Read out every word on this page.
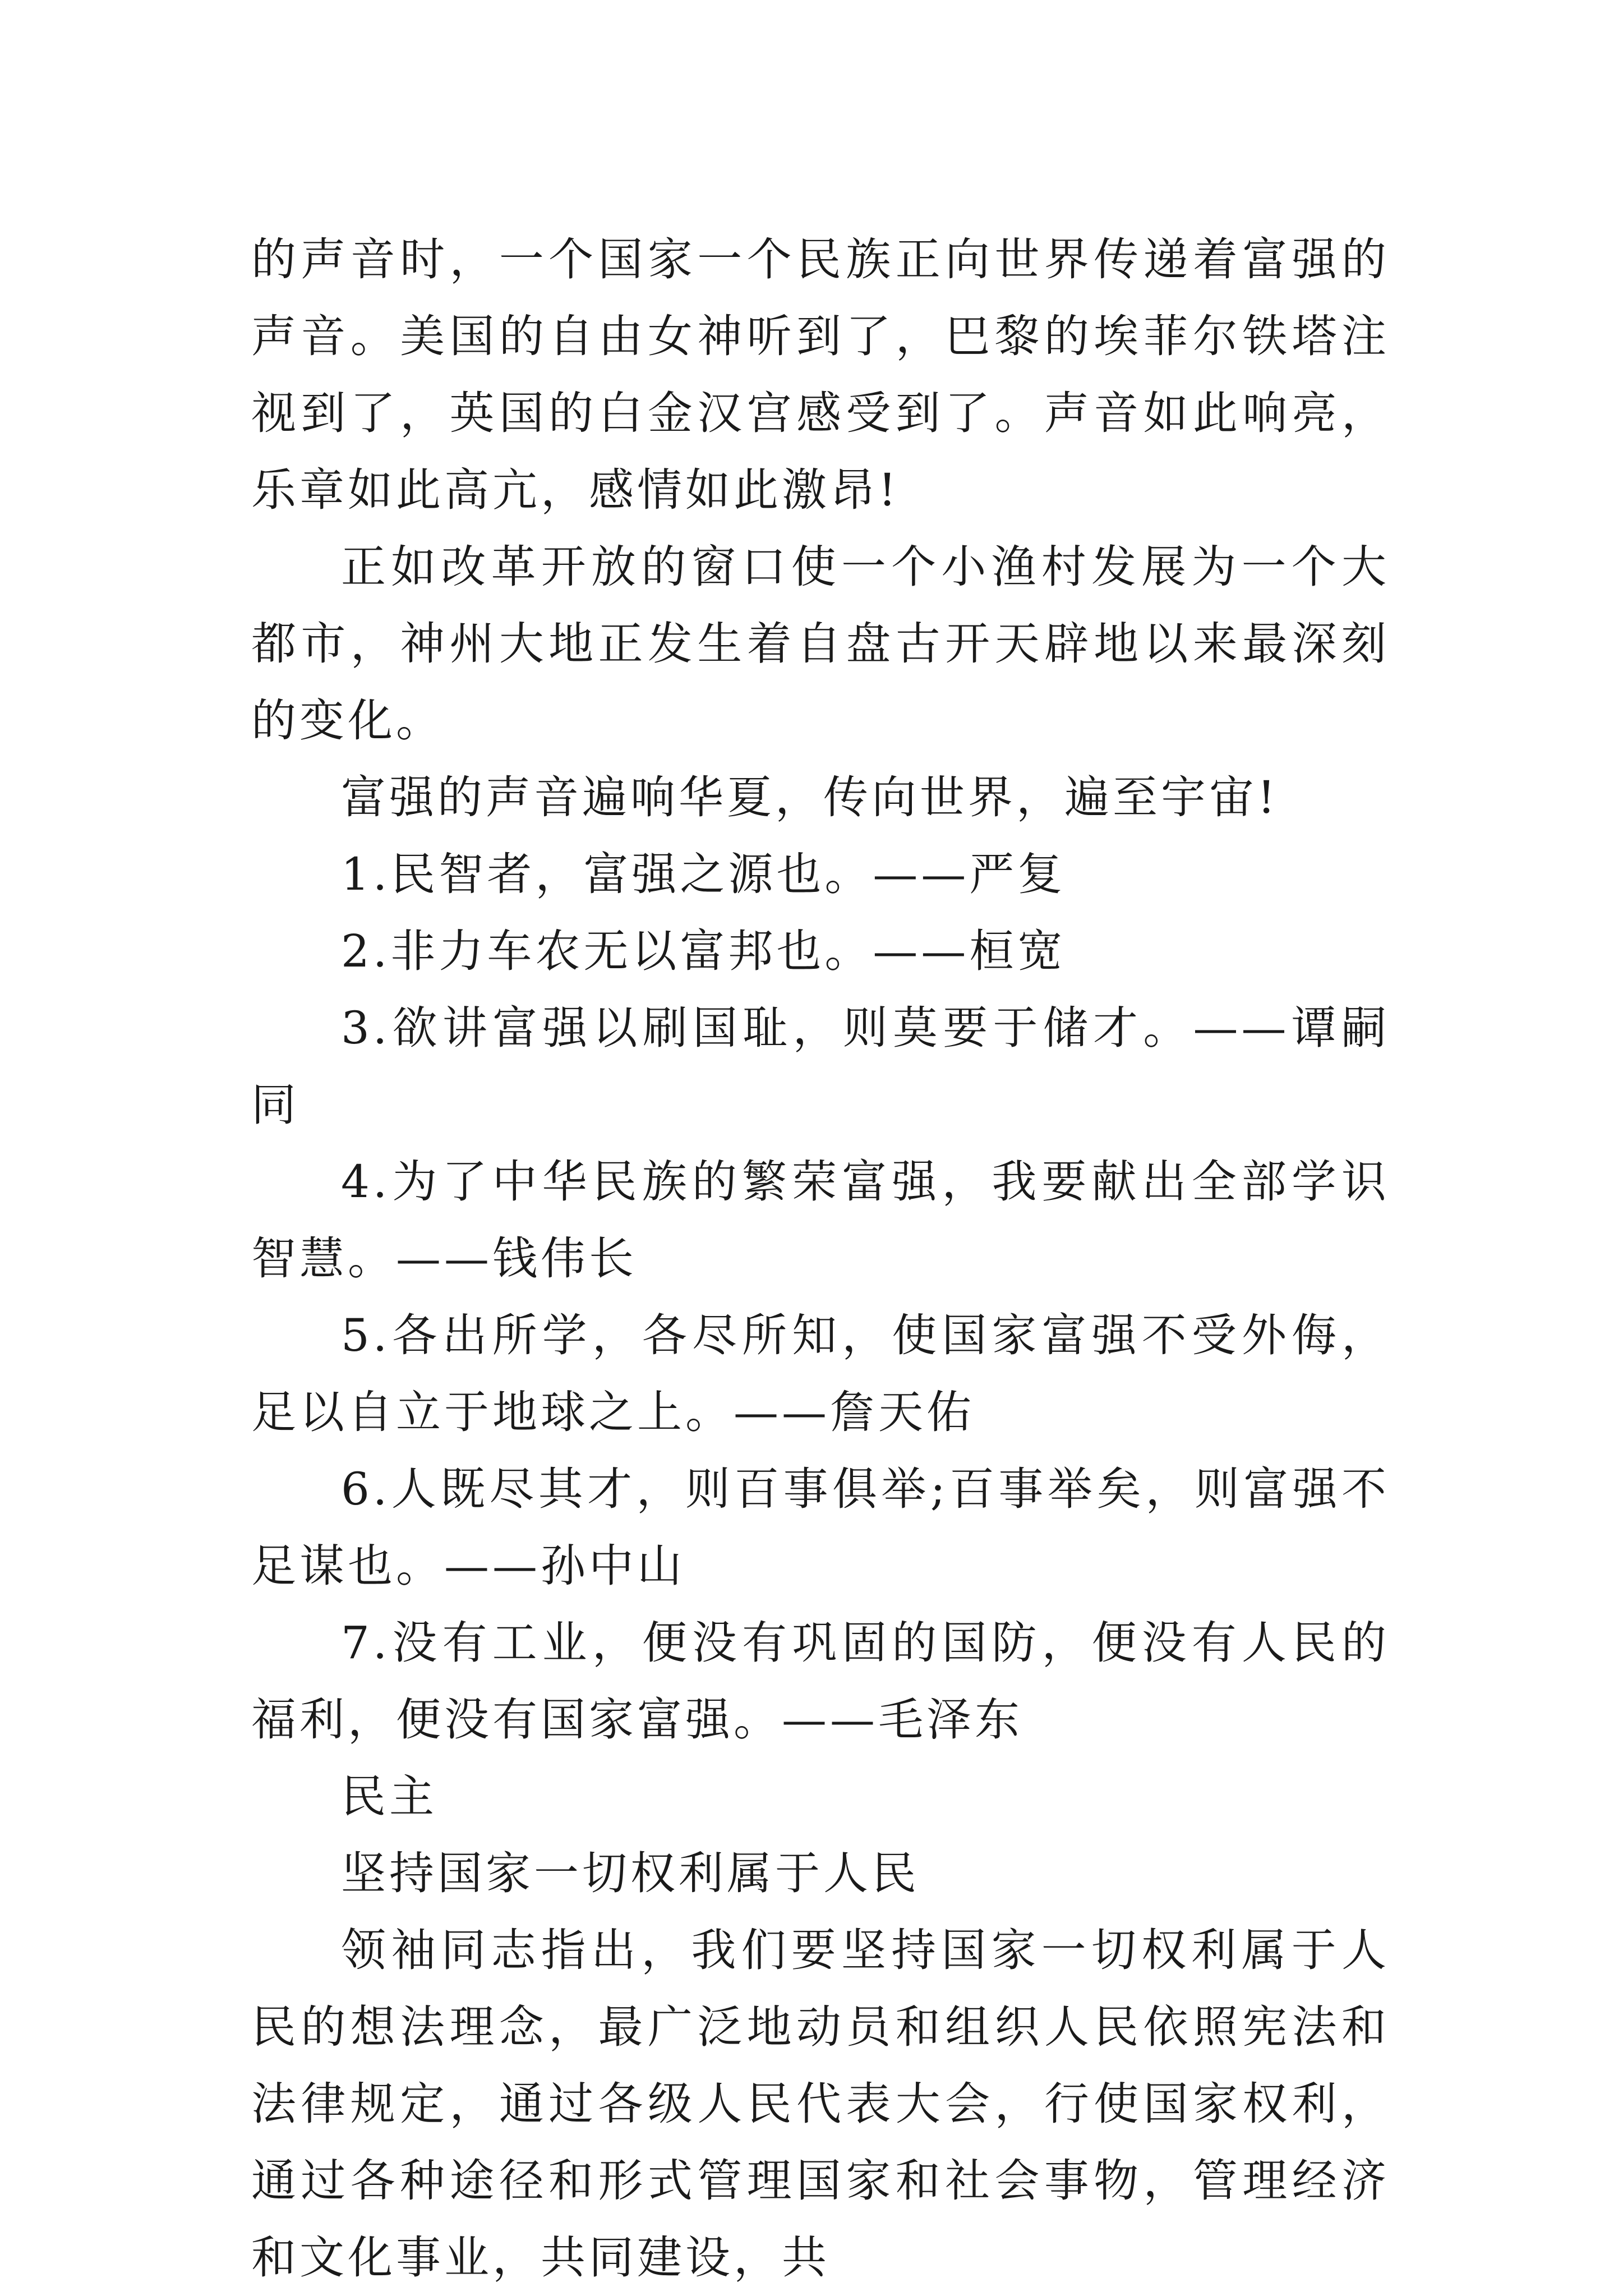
的声音时，一个国家一个民族正向世界传递着富强的声音。美国的自由女神听到了，巴黎的埃菲尔铁塔注视到了，英国的白金汉宫感受到了。声音如此响亮，乐章如此高亢，感情如此激昂!

正如改革开放的窗口使一个小渔村发展为一个大都市，神州大地正发生着自盘古开天辟地以来最深刻的变化。

富强的声音遍响华夏，传向世界，遍至宇宙!

1.民智者，富强之源也。——严复

2.非力车农无以富邦也。——桓宽

3.欲讲富强以刷国耻，则莫要于储才。——谭嗣同

4.为了中华民族的繁荣富强，我要献出全部学识智慧。——钱伟长

5.各出所学，各尽所知，使国家富强不受外侮，足以自立于地球之上。——詹天佑

6.人既尽其才，则百事俱举;百事举矣，则富强不足谋也。——孙中山

7.没有工业，便没有巩固的国防，便没有人民的福利，便没有国家富强。——毛泽东

民主

坚持国家一切权利属于人民

领袖同志指出，我们要坚持国家一切权利属于人民的想法理念，最广泛地动员和组织人民依照宪法和法律规定，通过各级人民代表大会，行使国家权利，通过各种途径和形式管理国家和社会事物，管理经济和文化事业，共同建设，共
